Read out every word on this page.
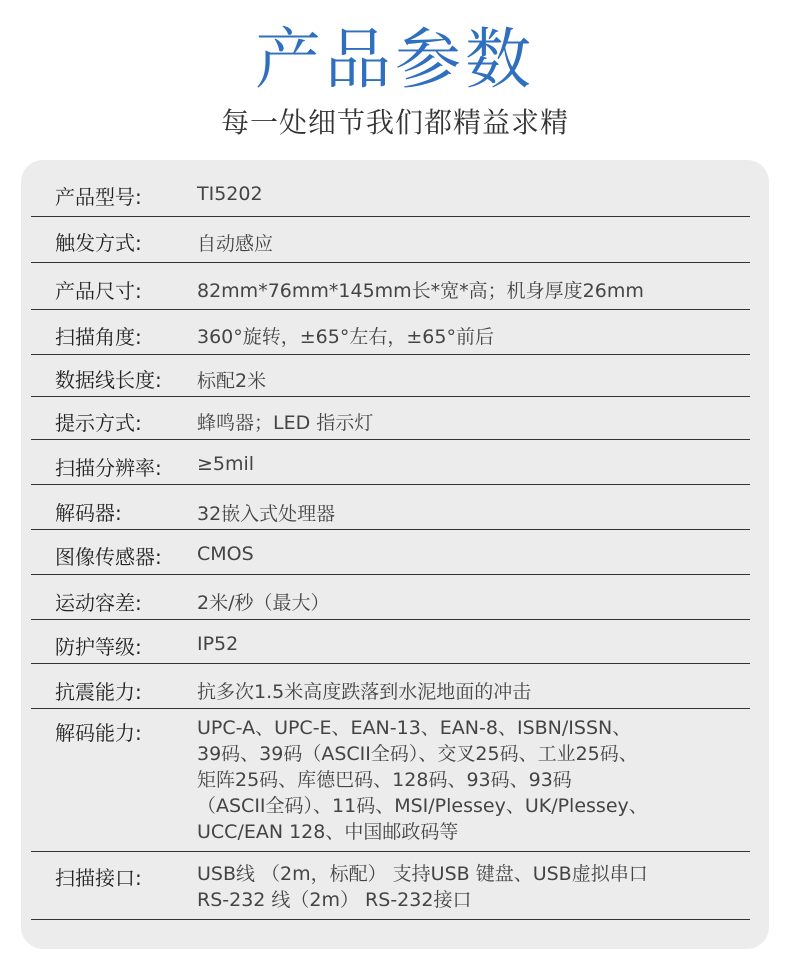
产品参数
每一处细节我们都精益求精
产品型号:	TI5202
触发方式:	自动感应
产品尺寸:	82mm*76mm*145mm长*宽*高；机身厚度26mm
扫描角度:	360°旋转，±65°左右，±65°前后
数据线长度: 标配2米
提示方式:	蜂鸣器；LED 指示灯
扫描分辨率: ≥5mil
解码器:	32嵌入式处理器
图像传感器: CMOS
运动容差:	2米/秒（最大）
防护等级:	IP52
抗震能力:	抗多次1.5米高度跌落到水泥地面的冲击
解码能力:	UPC-A、UPC-E、EAN-13、EAN-8、ISBN/ISSN、
39码、39码（ASCII全码）、交叉25码、工业25码、
矩阵25码、库德巴码、128码、93码、93码
（ASCII全码）、11码、MSI/Plessey、UK/Plessey、
UCC/EAN 128、中国邮政码等
扫描接口:	USB线 （2m，标配） 支持USB 键盘、USB虚拟串口
RS-232 线（2m） RS-232接口
